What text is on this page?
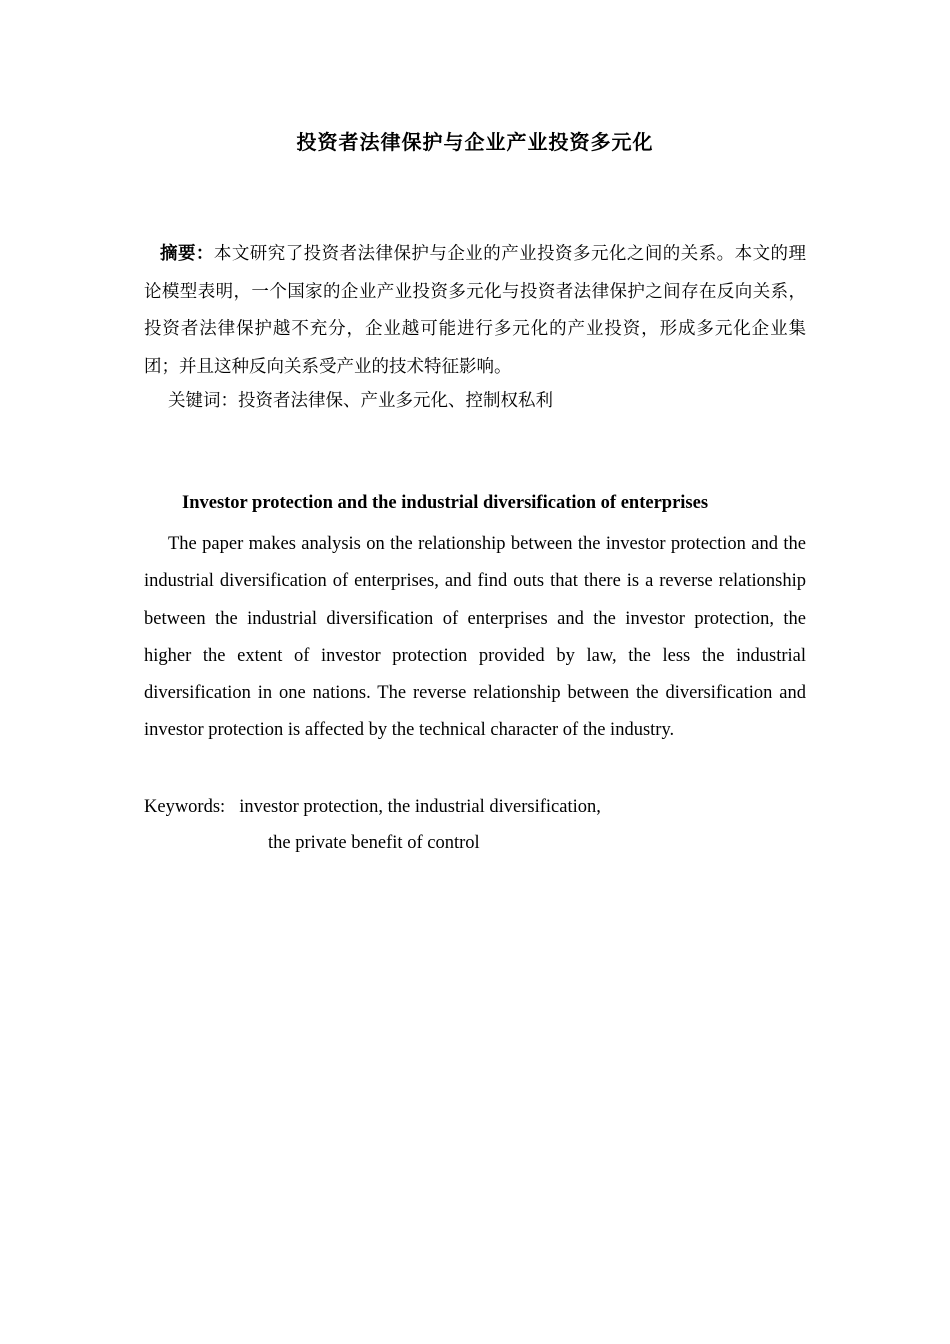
投资者法律保护与企业产业投资多元化

摘要：本文研究了投资者法律保护与企业的产业投资多元化之间的关系。本文的理论模型表明，一个国家的企业产业投资多元化与投资者法律保护之间存在反向关系，投资者法律保护越不充分，企业越可能进行多元化的产业投资，形成多元化企业集团；并且这种反向关系受产业的技术特征影响。

关键词：投资者法律保、产业多元化、控制权私利

Investor protection and the industrial diversification of enterprises

The paper makes analysis on the relationship between the investor protection and the industrial diversification of enterprises, and find outs that there is a reverse relationship between the industrial diversification of enterprises and the investor protection, the higher the extent of investor protection provided by law, the less the industrial diversification in one nations. The reverse relationship between the diversification and investor protection is affected by the technical character of the industry.

Keywords: investor protection, the industrial diversification,

the private benefit of control
